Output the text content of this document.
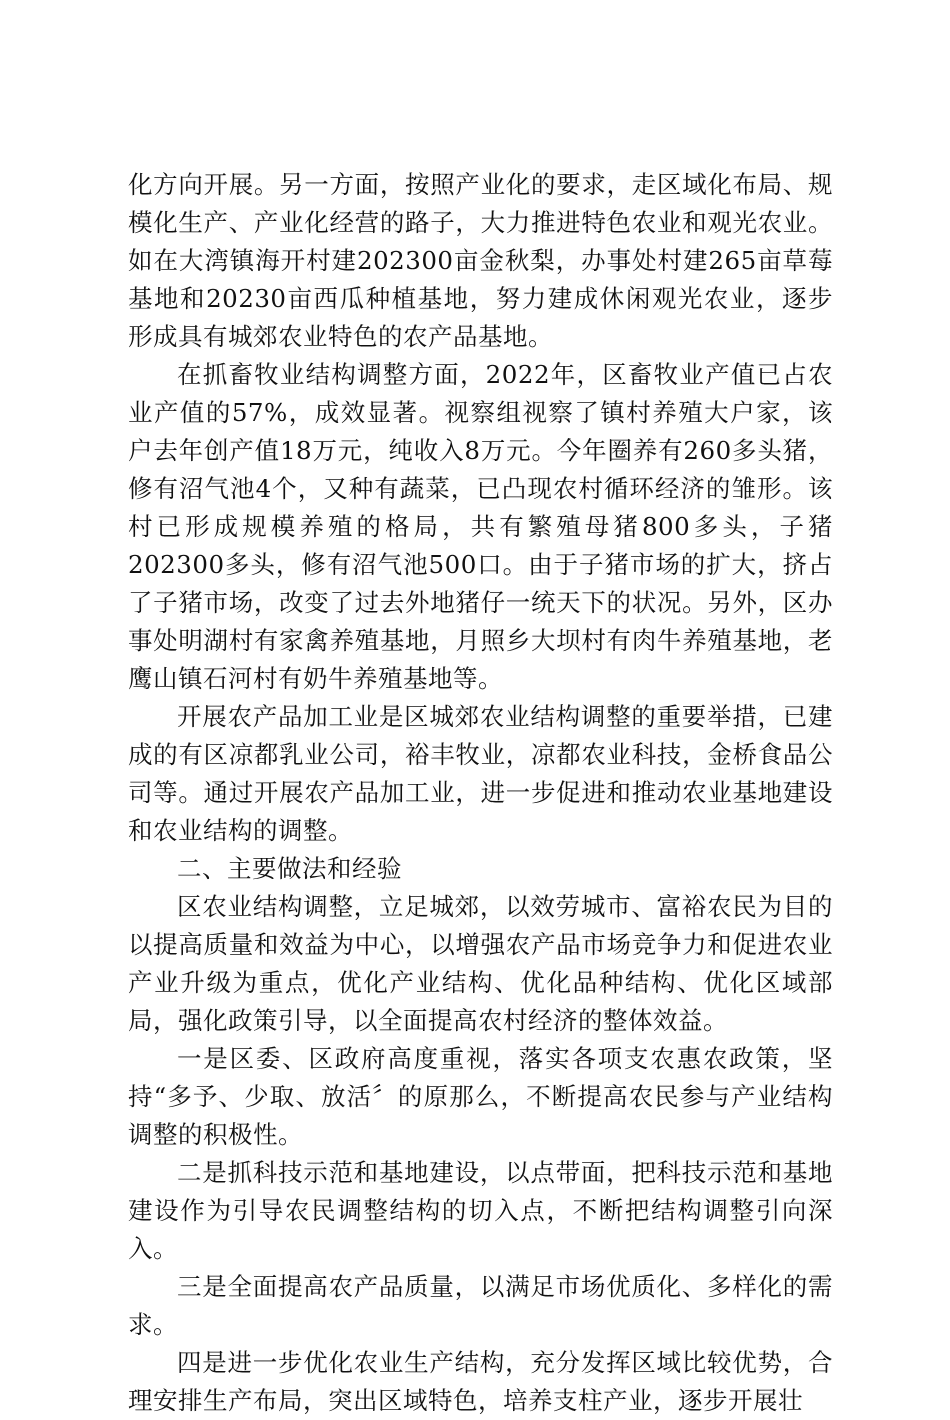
化方向开展。另一方面，按照产业化的要求，走区域化布局、规模化生产、产业化经营的路子，大力推进特色农业和观光农业。如在大湾镇海开村建202300亩金秋梨，办事处村建265亩草莓基地和20230亩西瓜种植基地，努力建成休闲观光农业，逐步形成具有城郊农业特色的农产品基地。

在抓畜牧业结构调整方面，2022年，区畜牧业产值已占农业产值的57%，成效显著。视察组视察了镇村养殖大户家，该户去年创产值18万元，纯收入8万元。今年圈养有260多头猪，修有沼气池4个，又种有蔬菜，已凸现农村循环经济的雏形。该村已形成规模养殖的格局，共有繁殖母猪800多头，子猪202300多头，修有沼气池500口。由于子猪市场的扩大，挤占了子猪市场，改变了过去外地猪仔一统天下的状况。另外，区办事处明湖村有家禽养殖基地，月照乡大坝村有肉牛养殖基地，老鹰山镇石河村有奶牛养殖基地等。

开展农产品加工业是区城郊农业结构调整的重要举措，已建成的有区凉都乳业公司，裕丰牧业，凉都农业科技，金桥食品公司等。通过开展农产品加工业，进一步促进和推动农业基地建设和农业结构的调整。

二、主要做法和经验

区农业结构调整，立足城郊，以效劳城市、富裕农民为目的以提高质量和效益为中心，以增强农产品市场竞争力和促进农业产业升级为重点，优化产业结构、优化品种结构、优化区域部局，强化政策引导，以全面提高农村经济的整体效益。

一是区委、区政府高度重视，落实各项支农惠农政策，坚持“多予、少取、放活〞的原那么，不断提高农民参与产业结构调整的积极性。

二是抓科技示范和基地建设，以点带面，把科技示范和基地建设作为引导农民调整结构的切入点，不断把结构调整引向深入。

三是全面提高农产品质量，以满足市场优质化、多样化的需求。

四是进一步优化农业生产结构，充分发挥区域比较优势，合理安排生产布局，突出区域特色，培养支柱产业，逐步开展壮
